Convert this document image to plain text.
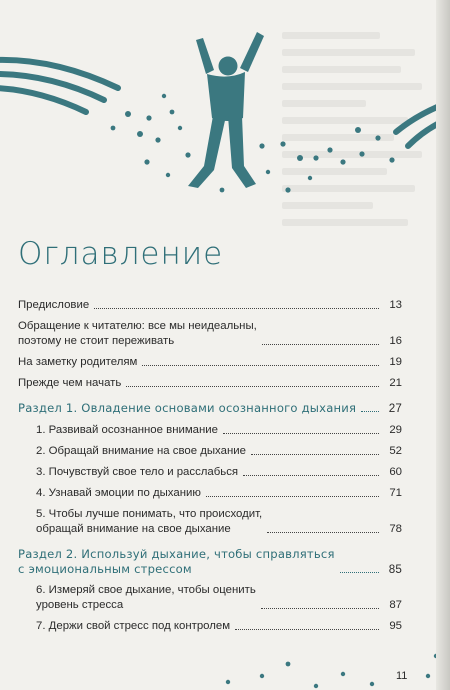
Оглавление
Предисловие	13
Обращение к читателю: все мы неидеальны,
поэтому не стоит переживать	16
На заметку родителям	19
Прежде чем начать	21
Раздел 1. Овладение основами осознанного дыхания	27
1. Развивай осознанное внимание	29
2. Обращай внимание на свое дыхание	52
3. Почувствуй свое тело и расслабься	60
4. Узнавай эмоции по дыханию	71
5. Чтобы лучше понимать, что происходит,
обращай внимание на свое дыхание	78
Раздел 2. Используй дыхание, чтобы справляться
с эмоциональным стрессом	85
6. Измеряй свое дыхание, чтобы оценить
уровень стресса	87
7. Держи свой стресс под контролем	95
11
